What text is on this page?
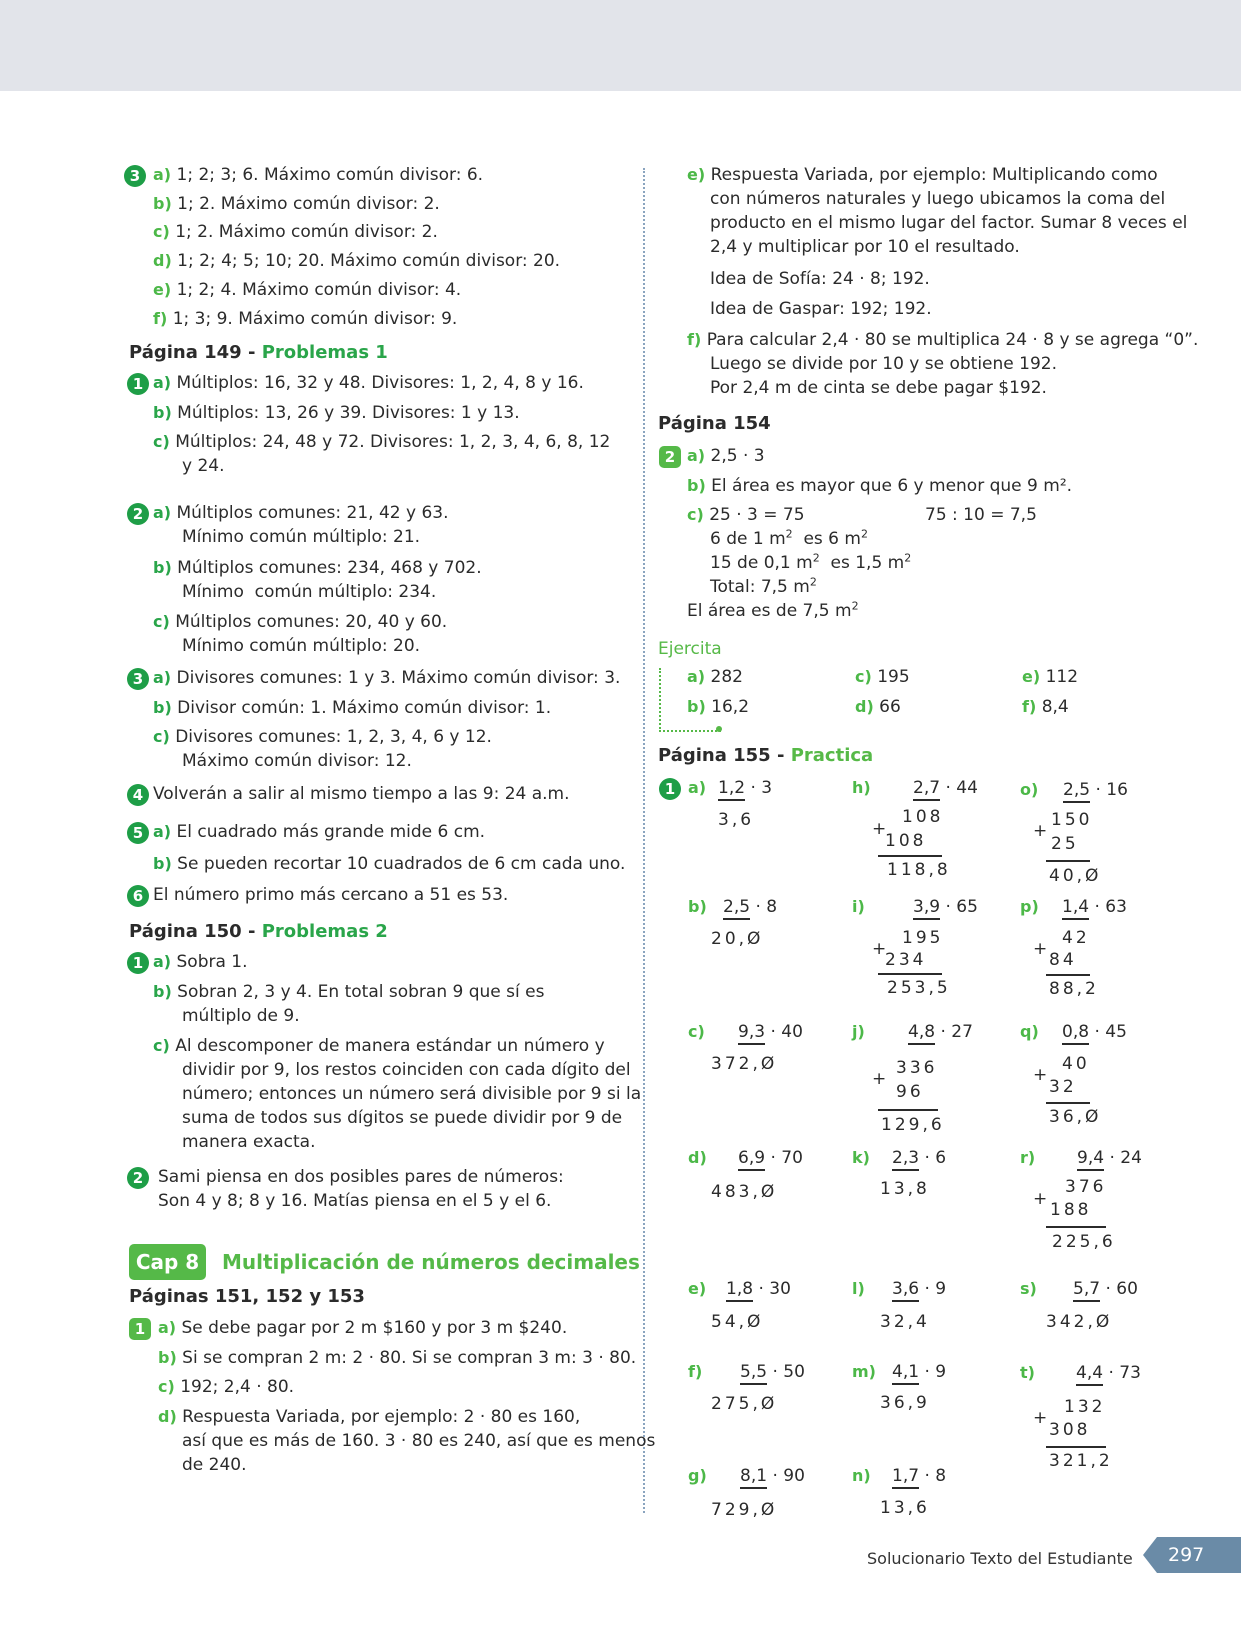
3 a) 1; 2; 3; 6. Máximo común divisor: 6.
b) 1; 2. Máximo común divisor: 2.
c) 1; 2. Máximo común divisor: 2.
d) 1; 2; 4; 5; 10; 20. Máximo común divisor: 20.
e) 1; 2; 4. Máximo común divisor: 4.
f) 1; 3; 9. Máximo común divisor: 9.
Página 149 - Problemas 1
1 a) Múltiplos: 16, 32 y 48. Divisores: 1, 2, 4, 8 y 16.
b) Múltiplos: 13, 26 y 39. Divisores: 1 y 13.
c) Múltiplos: 24, 48 y 72. Divisores: 1, 2, 3, 4, 6, 8, 12
y 24.
2 a) Múltiplos comunes: 21, 42 y 63.
Mínimo común múltiplo: 21.
b) Múltiplos comunes: 234, 468 y 702.
Mínimo  común múltiplo: 234.
c) Múltiplos comunes: 20, 40 y 60.
Mínimo común múltiplo: 20.
3 a) Divisores comunes: 1 y 3. Máximo común divisor: 3.
b) Divisor común: 1. Máximo común divisor: 1.
c) Divisores comunes: 1, 2, 3, 4, 6 y 12.
Máximo común divisor: 12.
4 Volverán a salir al mismo tiempo a las 9: 24 a.m.
5 a) El cuadrado más grande mide 6 cm.
b) Se pueden recortar 10 cuadrados de 6 cm cada uno.
6 El número primo más cercano a 51 es 53.
Página 150 - Problemas 2
1 a) Sobra 1.
b) Sobran 2, 3 y 4. En total sobran 9 que sí es
múltiplo de 9.
c) Al descomponer de manera estándar un número y
dividir por 9, los restos coinciden con cada dígito del
número; entonces un número será divisible por 9 si la
suma de todos sus dígitos se puede dividir por 9 de
manera exacta.
2 Sami piensa en dos posibles pares de números:
Son 4 y 8; 8 y 16. Matías piensa en el 5 y el 6.
Cap 8	Multiplicación de números decimales
Páginas 151, 152 y 153
1 a) Se debe pagar por 2 m $160 y por 3 m $240.
b) Si se compran 2 m: 2 · 80. Si se compran 3 m: 3 · 80.
c) 192; 2,4 · 80.
d) Respuesta Variada, por ejemplo: 2 · 80 es 160,
así que es más de 160. 3 · 80 es 240, así que es menos
de 240.
e) Respuesta Variada, por ejemplo: Multiplicando como
con números naturales y luego ubicamos la coma del
producto en el mismo lugar del factor. Sumar 8 veces el
2,4 y multiplicar por 10 el resultado.
Idea de Sofía: 24 · 8; 192.
Idea de Gaspar: 192; 192.
f) Para calcular 2,4 · 80 se multiplica 24 · 8 y se agrega “0”.
Luego se divide por 10 y se obtiene 192.
Por 2,4 m de cinta se debe pagar $192.
Página 154
2 a) 2,5 · 3
b) El área es mayor que 6 y menor que 9 m².
c) 25 · 3 = 75	75 : 10 = 7,5
6 de 1 $m^2$  es 6 $m^2$
15 de 0,1 $m^2$  es 1,5 $m^2$
Total: 7,5 $m^2$
El área es de 7,5 $m^2$
Ejercita
a) 282
b) 16,2
c) 195
d) 66
e) 112
f) 8,4
Página 155 - Practica
1 a) 1,2 · 3
3,6
b) 2,5 · 8
20,Ø
c) 9,3 · 40
372,Ø
d) 6,9 · 70
483,Ø
e) 1,8 · 30
54,Ø
f) 5,5 · 50
275,Ø
g) 8,1 · 90
729,Ø
h) 2,7 · 44
108
+
108
118,8
i)	3,9 · 65
195
+
234
253,5
j)	4,8 · 27
336
+
96
129,6
k) 2,3 · 6
13,8
l) 3,6 · 9
32,4
m) 4,1 · 9
36,9
n) 1,7 · 8
13,6
o) 2,5 · 16
150
+
25
40,Ø
p) 1,4 · 63
42
+
84
88,2
q) 0,8 · 45
40
+
32
36,Ø
r) 9,4 · 24
376
+
188
225,6
s) 5,7 · 60
342,Ø
t) 4,4 · 73
132
+
308
321,2
Solucionario Texto del Estudiante 297
